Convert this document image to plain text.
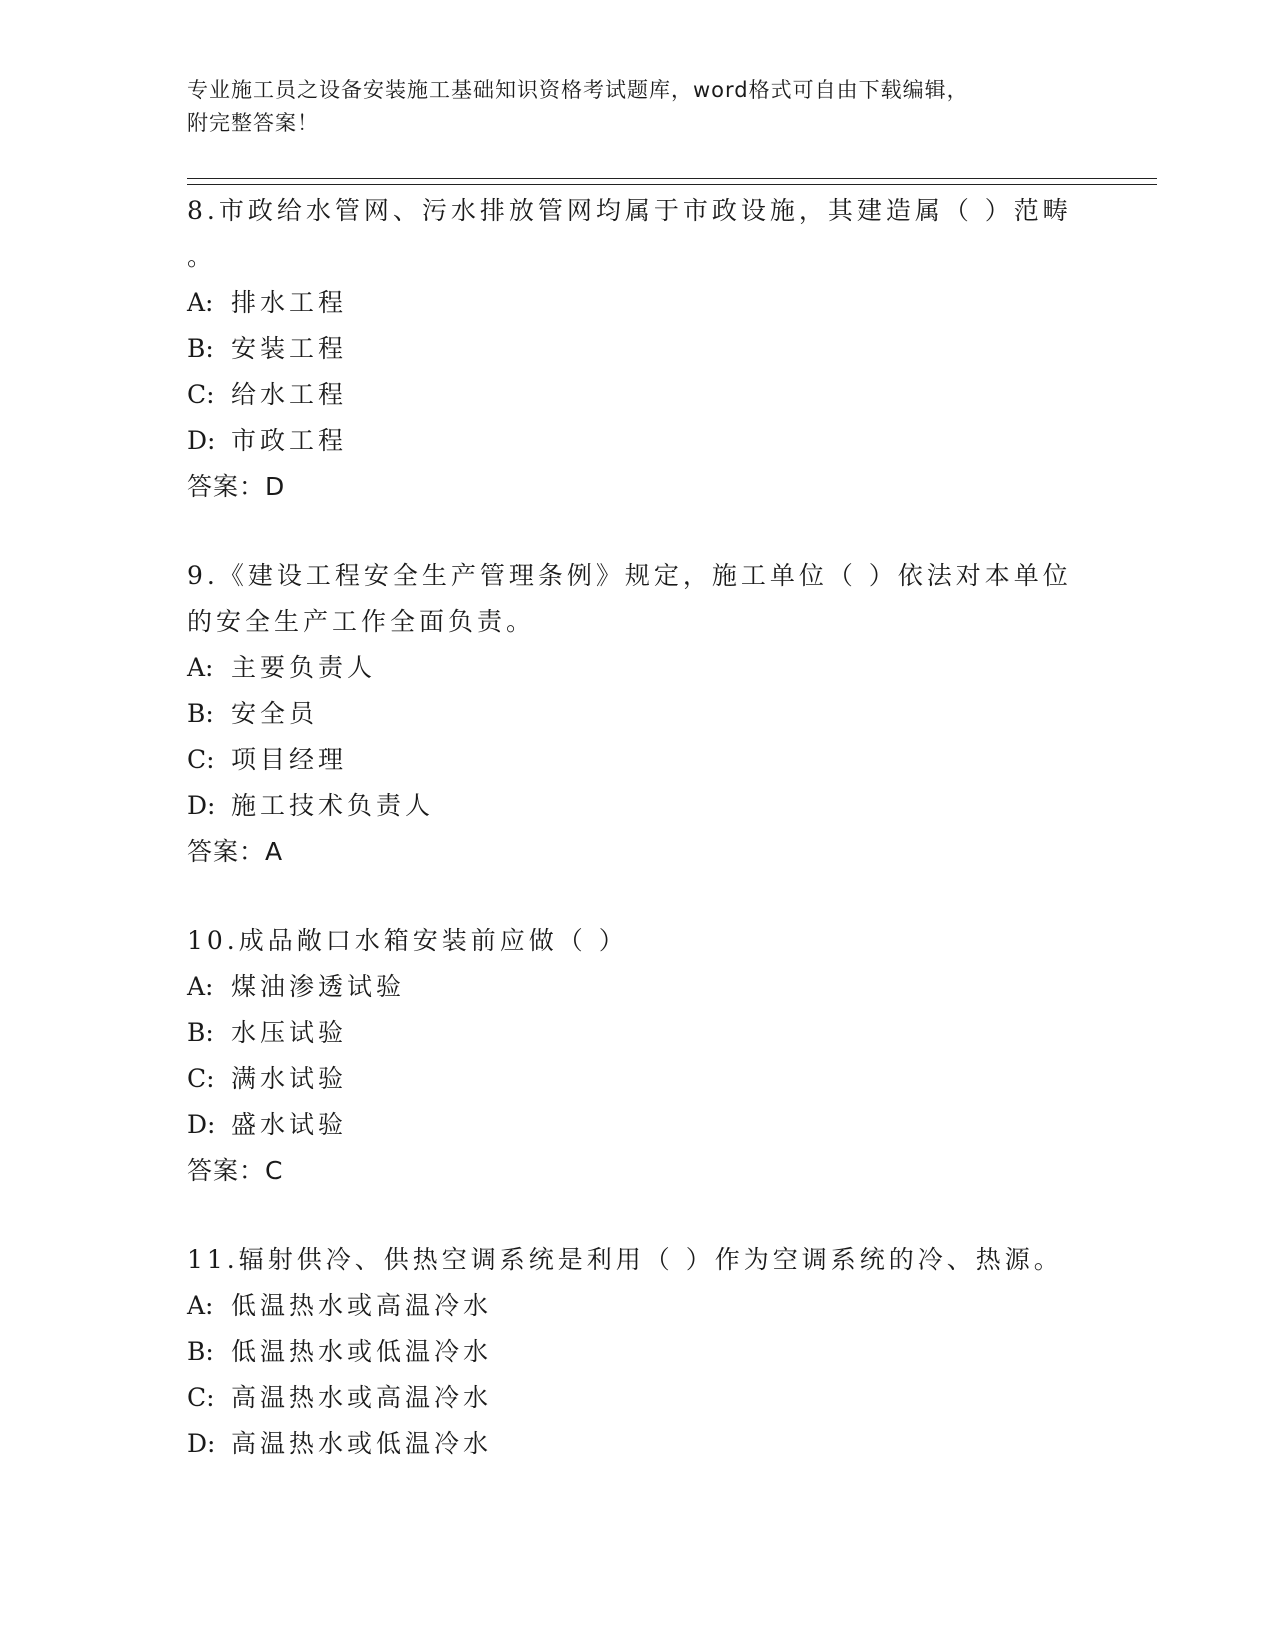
专业施工员之设备安装施工基础知识资格考试题库，word格式可自由下载编辑，
附完整答案！
8.市政给水管网、污水排放管网均属于市政设施，其建造属（ ）范畴
。
A: 排水工程
B: 安装工程
C: 给水工程
D: 市政工程
答案：D
9.《建设工程安全生产管理条例》规定，施工单位（ ）依法对本单位
的安全生产工作全面负责。
A: 主要负责人
B: 安全员
C: 项目经理
D: 施工技术负责人
答案：A
10.成品敞口水箱安装前应做（ ）
A: 煤油渗透试验
B: 水压试验
C: 满水试验
D: 盛水试验
答案：C
11.辐射供冷、供热空调系统是利用（ ）作为空调系统的冷、热源。
A: 低温热水或高温冷水
B: 低温热水或低温冷水
C: 高温热水或高温冷水
D: 高温热水或低温冷水
